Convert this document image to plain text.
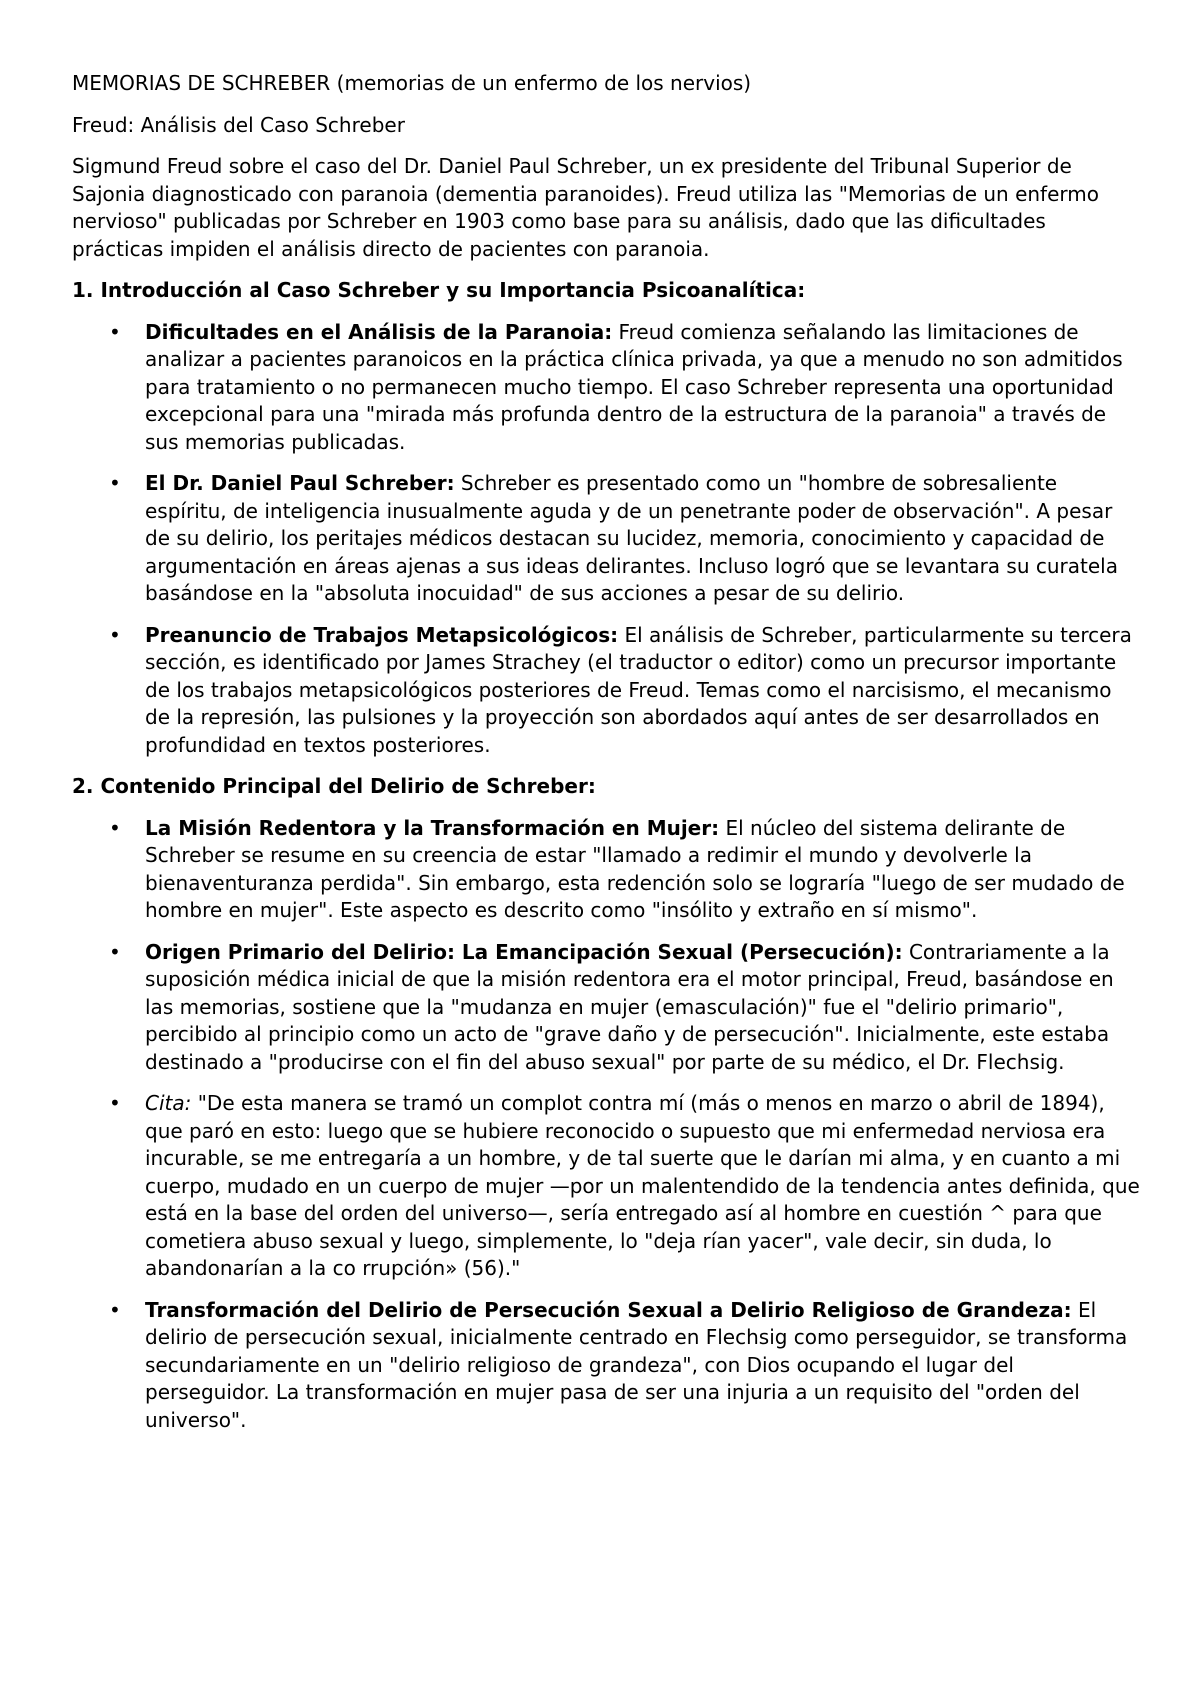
MEMORIAS DE SCHREBER (memorias de un enfermo de los nervios)

Freud: Análisis del Caso Schreber

Sigmund Freud sobre el caso del Dr. Daniel Paul Schreber, un ex presidente del Tribunal Superior de Sajonia diagnosticado con paranoia (dementia paranoides). Freud utiliza las "Memorias de un enfermo nervioso" publicadas por Schreber en 1903 como base para su análisis, dado que las dificultades prácticas impiden el análisis directo de pacientes con paranoia.

1. Introducción al Caso Schreber y su Importancia Psicoanalítica:

• Dificultades en el Análisis de la Paranoia: Freud comienza señalando las limitaciones de analizar a pacientes paranoicos en la práctica clínica privada, ya que a menudo no son admitidos para tratamiento o no permanecen mucho tiempo. El caso Schreber representa una oportunidad excepcional para una "mirada más profunda dentro de la estructura de la paranoia" a través de sus memorias publicadas.
• El Dr. Daniel Paul Schreber: Schreber es presentado como un "hombre de sobresaliente espíritu, de inteligencia inusualmente aguda y de un penetrante poder de observación". A pesar de su delirio, los peritajes médicos destacan su lucidez, memoria, conocimiento y capacidad de argumentación en áreas ajenas a sus ideas delirantes. Incluso logró que se levantara su curatela basándose en la "absoluta inocuidad" de sus acciones a pesar de su delirio.
• Preanuncio de Trabajos Metapsicológicos: El análisis de Schreber, particularmente su tercera sección, es identificado por James Strachey (el traductor o editor) como un precursor importante de los trabajos metapsicológicos posteriores de Freud. Temas como el narcisismo, el mecanismo de la represión, las pulsiones y la proyección son abordados aquí antes de ser desarrollados en profundidad en textos posteriores.

2. Contenido Principal del Delirio de Schreber:

• La Misión Redentora y la Transformación en Mujer: El núcleo del sistema delirante de Schreber se resume en su creencia de estar "llamado a redimir el mundo y devolverle la bienaventuranza perdida". Sin embargo, esta redención solo se lograría "luego de ser mudado de hombre en mujer". Este aspecto es descrito como "insólito y extraño en sí mismo".
• Origen Primario del Delirio: La Emancipación Sexual (Persecución): Contrariamente a la suposición médica inicial de que la misión redentora era el motor principal, Freud, basándose en las memorias, sostiene que la "mudanza en mujer (emasculación)" fue el "delirio primario", percibido al principio como un acto de "grave daño y de persecución". Inicialmente, este estaba destinado a "producirse con el fin del abuso sexual" por parte de su médico, el Dr. Flechsig.
• Cita: "De esta manera se tramó un complot contra mí (más o menos en marzo o abril de 1894), que paró en esto: luego que se hubiere reconocido o supuesto que mi enfermedad nerviosa era incurable, se me entregaría a un hombre, y de tal suerte que le darían mi alma, y en cuanto a mi cuerpo, mudado en un cuerpo de mujer —por un malentendido de la tendencia antes definida, que está en la base del orden del universo—, sería entregado así al hombre en cuestión ^ para que cometiera abuso sexual y luego, simplemente, lo "deja rían yacer", vale decir, sin duda, lo abandonarían a la co rrupción» (56)."
• Transformación del Delirio de Persecución Sexual a Delirio Religioso de Grandeza: El delirio de persecución sexual, inicialmente centrado en Flechsig como perseguidor, se transforma secundariamente en un "delirio religioso de grandeza", con Dios ocupando el lugar del perseguidor. La transformación en mujer pasa de ser una injuria a un requisito del "orden del universo".
